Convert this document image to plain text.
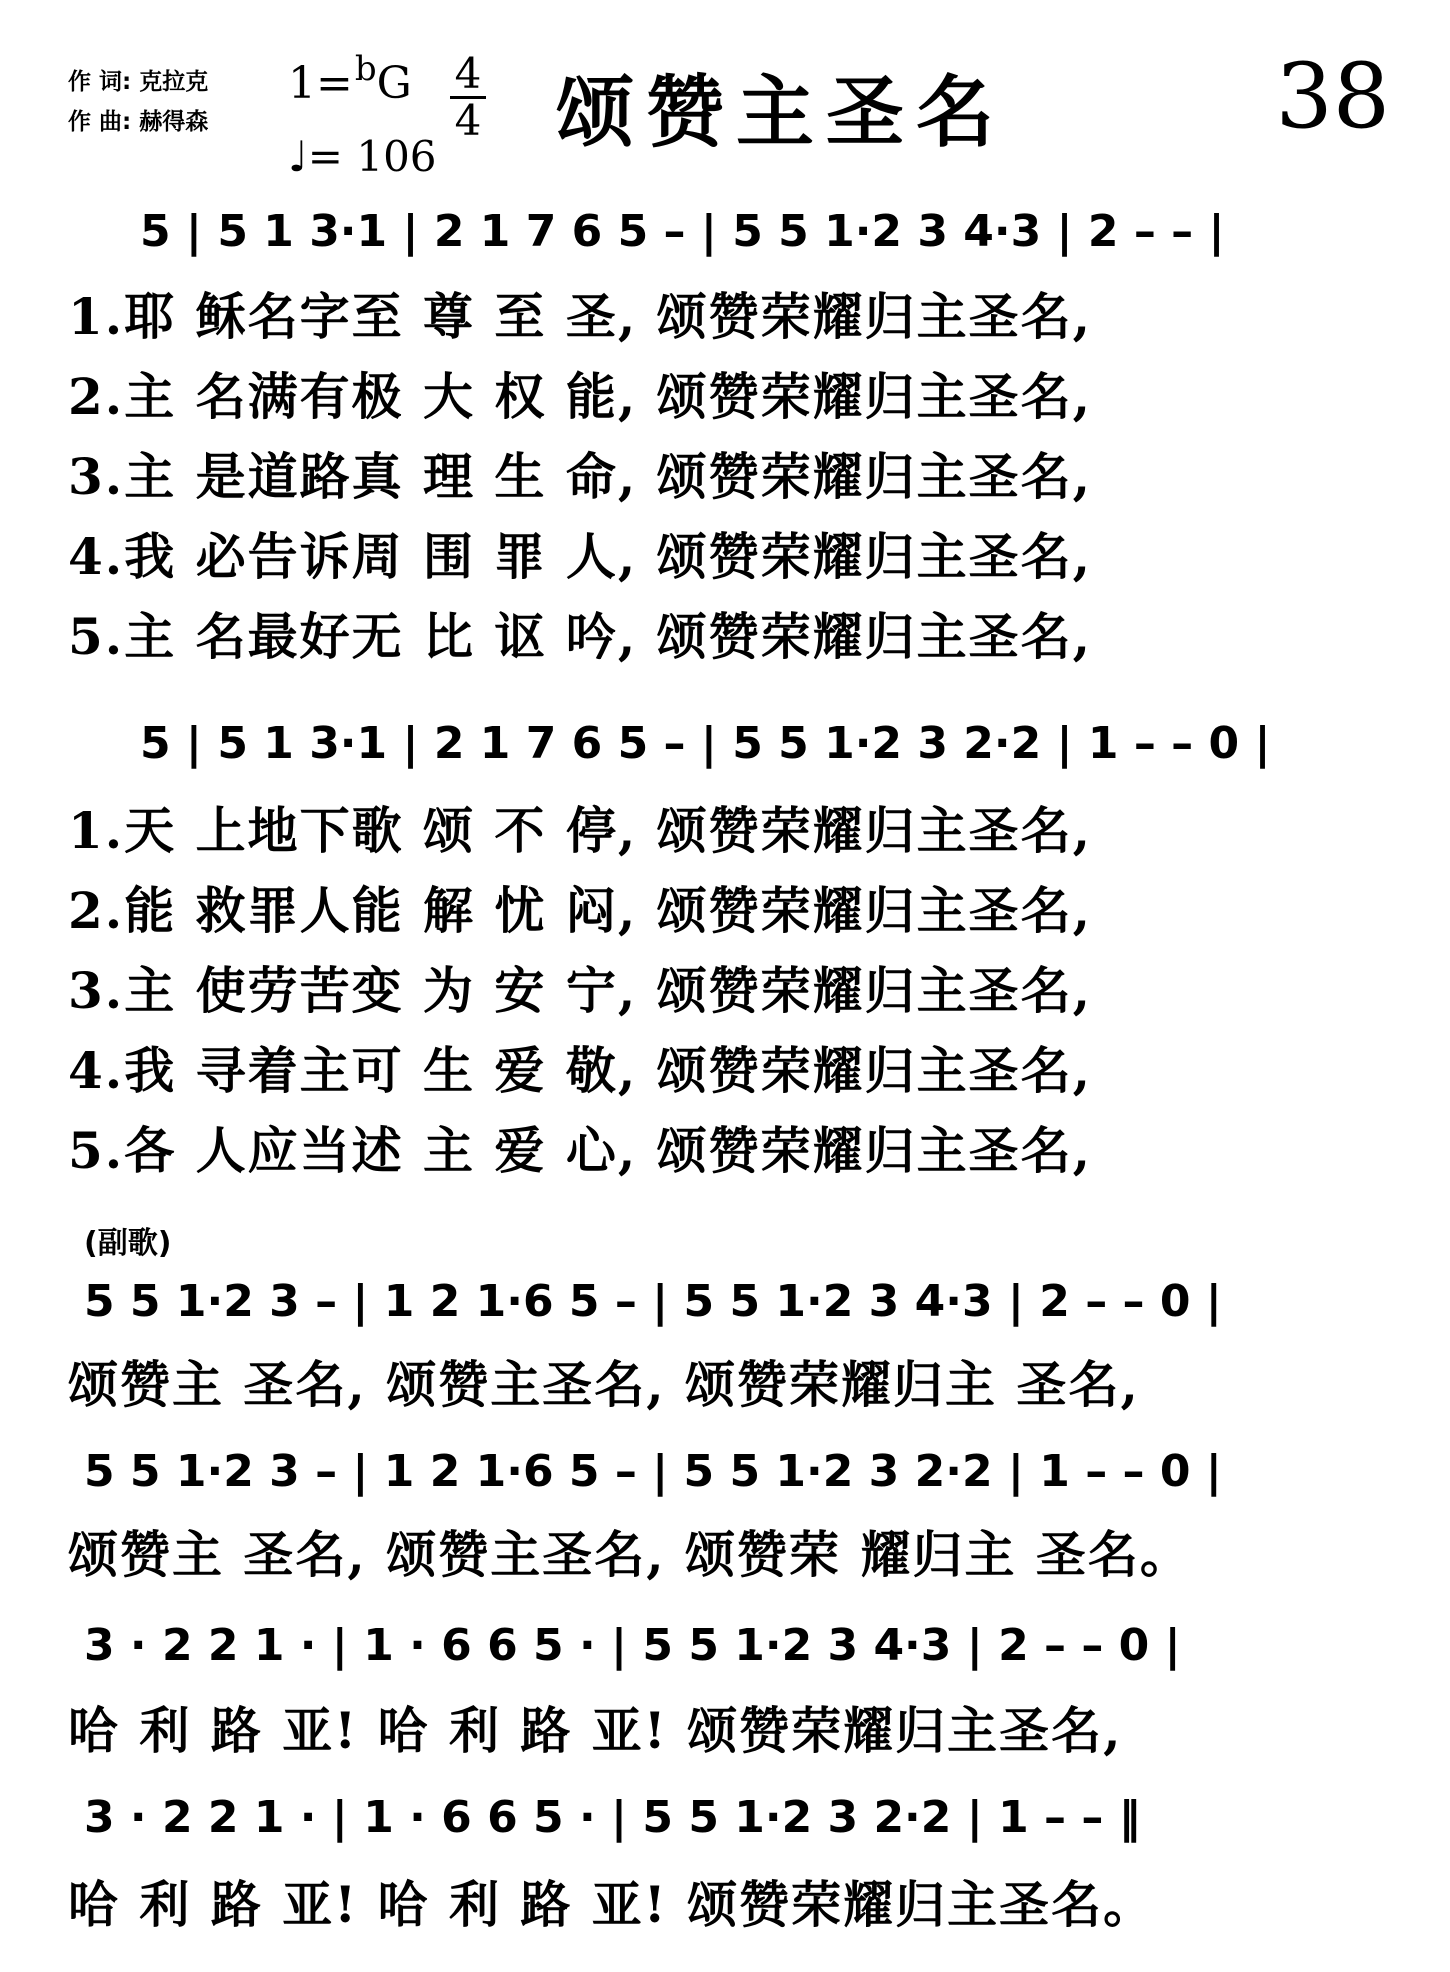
作 词: 克拉克
作 曲: 赫得森
1=$^b$G 4
4
♩= 106 颂赞主圣名	38
5 | 5 1 3·1 | 2 1 7 6 5 – | 5 5 1·2 3 4·3 | 2 – – |
1.耶 稣名字至 尊 至 圣, 颂赞荣耀归主圣名,
2.主 名满有极 大 权 能, 颂赞荣耀归主圣名,
3.主 是道路真 理 生 命, 颂赞荣耀归主圣名,
4.我 必告诉周 围 罪 人, 颂赞荣耀归主圣名,
5.主 名最好无 比 讴 吟, 颂赞荣耀归主圣名,
5 | 5 1 3·1 | 2 1 7 6 5 – | 5 5 1·2 3 2·2 | 1 – – 0 |
1.天 上地下歌 颂 不 停, 颂赞荣耀归主圣名,
2.能 救罪人能 解 忧 闷, 颂赞荣耀归主圣名,
3.主 使劳苦变 为 安 宁, 颂赞荣耀归主圣名,
4.我 寻着主可 生 爱 敬, 颂赞荣耀归主圣名,
5.各 人应当述 主 爱 心, 颂赞荣耀归主圣名,
(副歌)
5 5 1·2 3 – | 1 2 1·6 5 – | 5 5 1·2 3 4·3 | 2 – – 0 |
颂赞主 圣名, 颂赞主圣名, 颂赞荣耀归主 圣名,
5 5 1·2 3 – | 1 2 1·6 5 – | 5 5 1·2 3 2·2 | 1 – – 0 |
颂赞主 圣名, 颂赞主圣名, 颂赞荣 耀归主 圣名。
3 · 2 2 1 · | 1 · 6 6 5 · | 5 5 1·2 3 4·3 | 2 – – 0 |
哈 利 路 亚! 哈 利 路 亚! 颂赞荣耀归主圣名,
3 · 2 2 1 · | 1 · 6 6 5 · | 5 5 1·2 3 2·2 | 1 – – ‖
哈 利 路 亚! 哈 利 路 亚! 颂赞荣耀归主圣名。
